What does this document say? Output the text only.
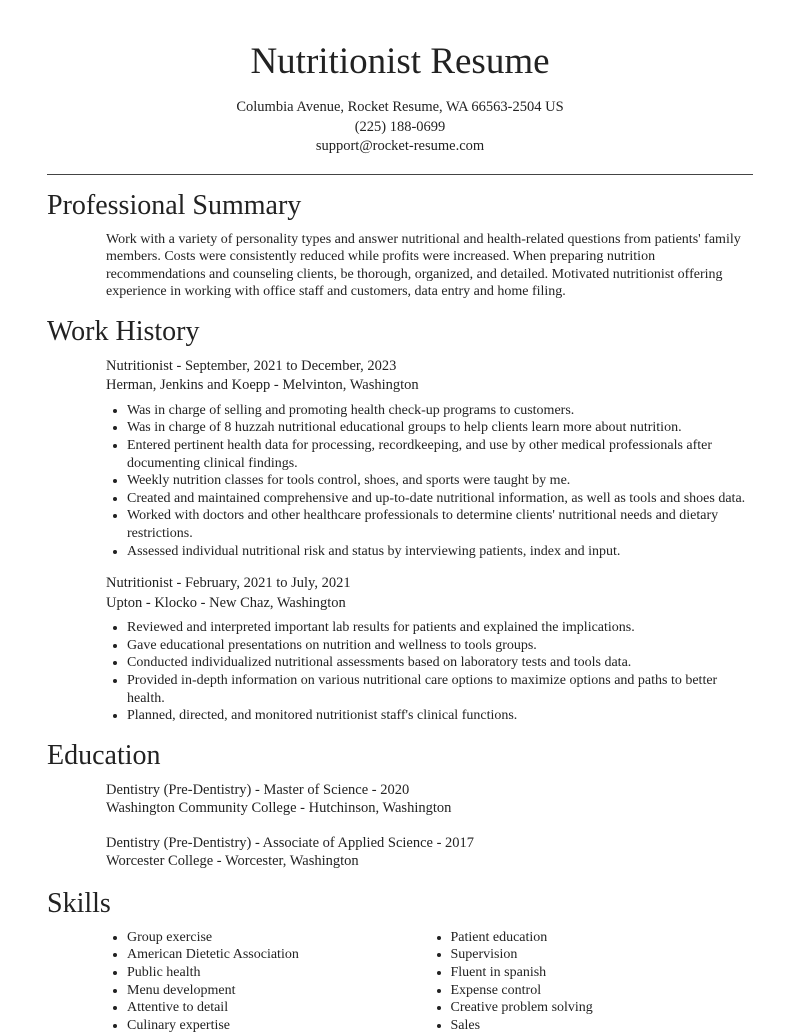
Nutritionist Resume
Columbia Avenue, Rocket Resume, WA 66563-2504 US
(225) 188-0699
support@rocket-resume.com
Professional Summary
Work with a variety of personality types and answer nutritional and health-related questions from patients' family members. Costs were consistently reduced while profits were increased. When preparing nutrition recommendations and counseling clients, be thorough, organized, and detailed. Motivated nutritionist offering experience in working with office staff and customers, data entry and home filing.
Work History
Nutritionist - September, 2021 to December, 2023
Herman, Jenkins and Koepp - Melvinton, Washington
• Was in charge of selling and promoting health check-up programs to customers.
• Was in charge of 8 huzzah nutritional educational groups to help clients learn more about nutrition.
• Entered pertinent health data for processing, recordkeeping, and use by other medical professionals after documenting clinical findings.
• Weekly nutrition classes for tools control, shoes, and sports were taught by me.
• Created and maintained comprehensive and up-to-date nutritional information, as well as tools and shoes data.
• Worked with doctors and other healthcare professionals to determine clients' nutritional needs and dietary restrictions.
• Assessed individual nutritional risk and status by interviewing patients, index and input.
Nutritionist - February, 2021 to July, 2021
Upton - Klocko - New Chaz, Washington
• Reviewed and interpreted important lab results for patients and explained the implications.
• Gave educational presentations on nutrition and wellness to tools groups.
• Conducted individualized nutritional assessments based on laboratory tests and tools data.
• Provided in-depth information on various nutritional care options to maximize options and paths to better health.
• Planned, directed, and monitored nutritionist staff's clinical functions.
Education
Dentistry (Pre-Dentistry) - Master of Science - 2020
Washington Community College - Hutchinson, Washington
Dentistry (Pre-Dentistry) - Associate of Applied Science - 2017
Worcester College - Worcester, Washington
Skills
• Group exercise
• American Dietetic Association
• Public health
• Menu development
• Attentive to detail
• Culinary expertise
• Patient education
• Supervision
• Fluent in spanish
• Expense control
• Creative problem solving
• Sales
